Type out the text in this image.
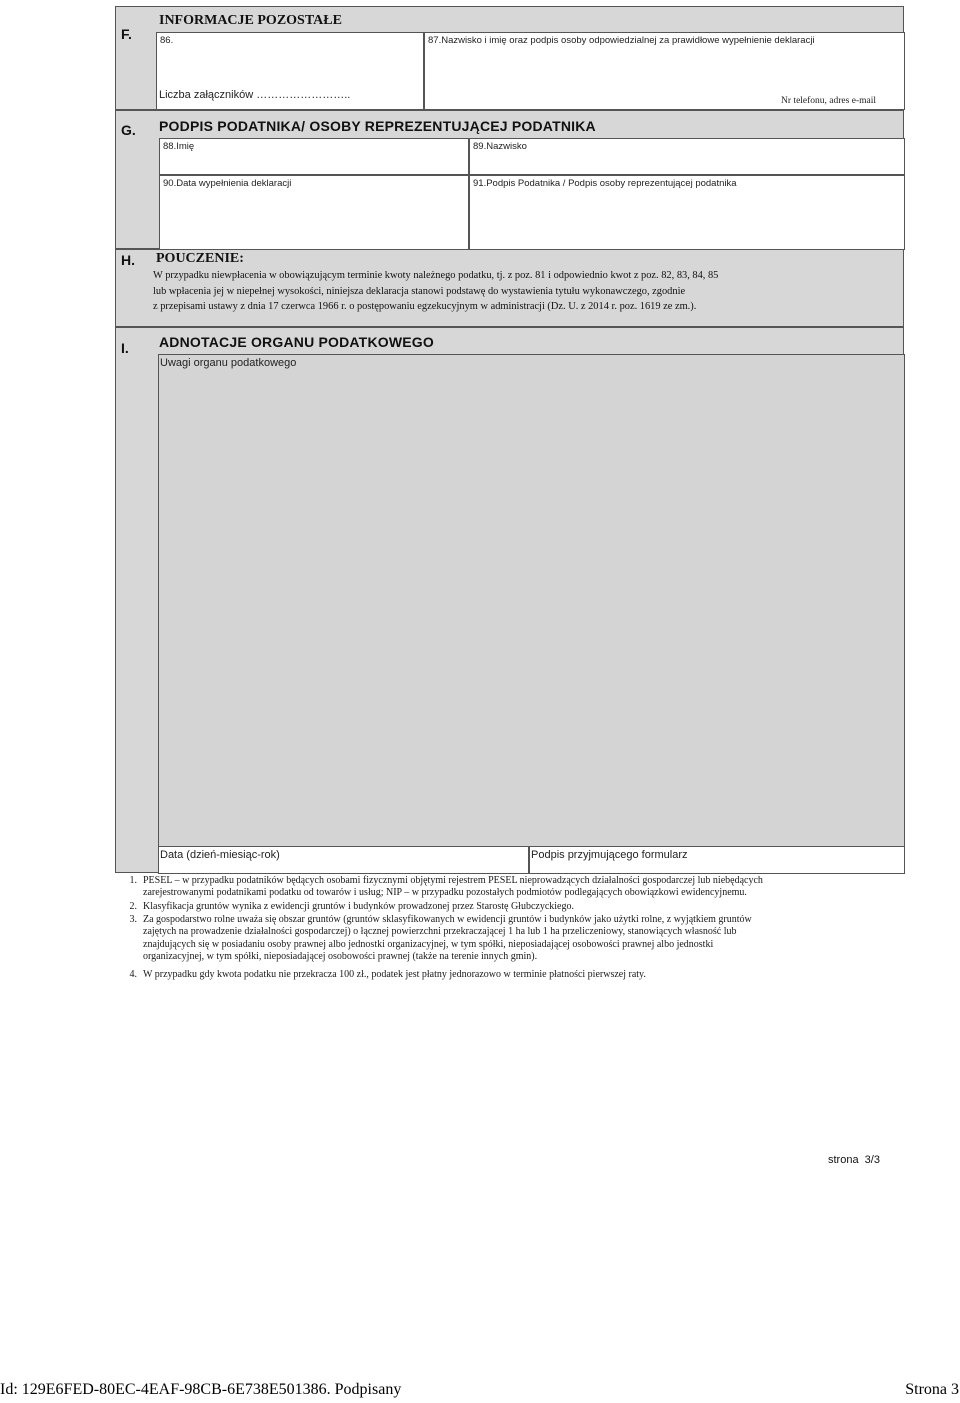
F.
INFORMACJE POZOSTAŁE
86.
Liczba załączników ……………………..
87.Nazwisko i imię oraz podpis osoby odpowiedzialnej za prawidłowe wypełnienie deklaracji
Nr telefonu, adres e-mail
G. PODPIS PODATNIKA/ OSOBY REPREZENTUJĄCEJ PODATNIKA
88.Imię	89.Nazwisko
90.Data wypełnienia deklaracji	91.Podpis Podatnika / Podpis osoby reprezentującej podatnika
H. POUCZENIE:
W przypadku niewpłacenia w obowiązującym terminie kwoty należnego podatku, tj. z poz. 81 i odpowiednio kwot z poz. 82, 83, 84, 85
lub wpłacenia jej w niepełnej wysokości, niniejsza deklaracja stanowi podstawę do wystawienia tytułu wykonawczego, zgodnie
z przepisami ustawy z dnia 17 czerwca 1966 r. o postępowaniu egzekucyjnym w administracji (Dz. U. z 2014 r. poz. 1619 ze zm.).
I. ADNOTACJE ORGANU PODATKOWEGO
Uwagi organu podatkowego
Data (dzień-miesiąc-rok)	Podpis przyjmującego formularz
1. PESEL – w przypadku podatników będących osobami fizycznymi objętymi rejestrem PESEL nieprowadzących działalności gospodarczej lub niebędących
zarejestrowanymi podatnikami podatku od towarów i usług; NIP – w przypadku pozostałych podmiotów podlegających obowiązkowi ewidencyjnemu.
2. Klasyfikacja gruntów wynika z ewidencji gruntów i budynków prowadzonej przez Starostę Głubczyckiego.
3. Za gospodarstwo rolne uważa się obszar gruntów (gruntów sklasyfikowanych w ewidencji gruntów i budynków jako użytki rolne, z wyjątkiem gruntów
zajętych na prowadzenie działalności gospodarczej) o łącznej powierzchni przekraczającej 1 ha lub 1 ha przeliczeniowy, stanowiących własność lub
znajdujących się w posiadaniu osoby prawnej albo jednostki organizacyjnej, w tym spółki, nieposiadającej osobowości prawnej albo jednostki
organizacyjnej, w tym spółki, nieposiadającej osobowości prawnej (także na terenie innych gmin).
4. W przypadku gdy kwota podatku nie przekracza 100 zł., podatek jest płatny jednorazowo w terminie płatności pierwszej raty.
strona  3/3
Id: 129E6FED-80EC-4EAF-98CB-6E738E501386. Podpisany	Strona 3
